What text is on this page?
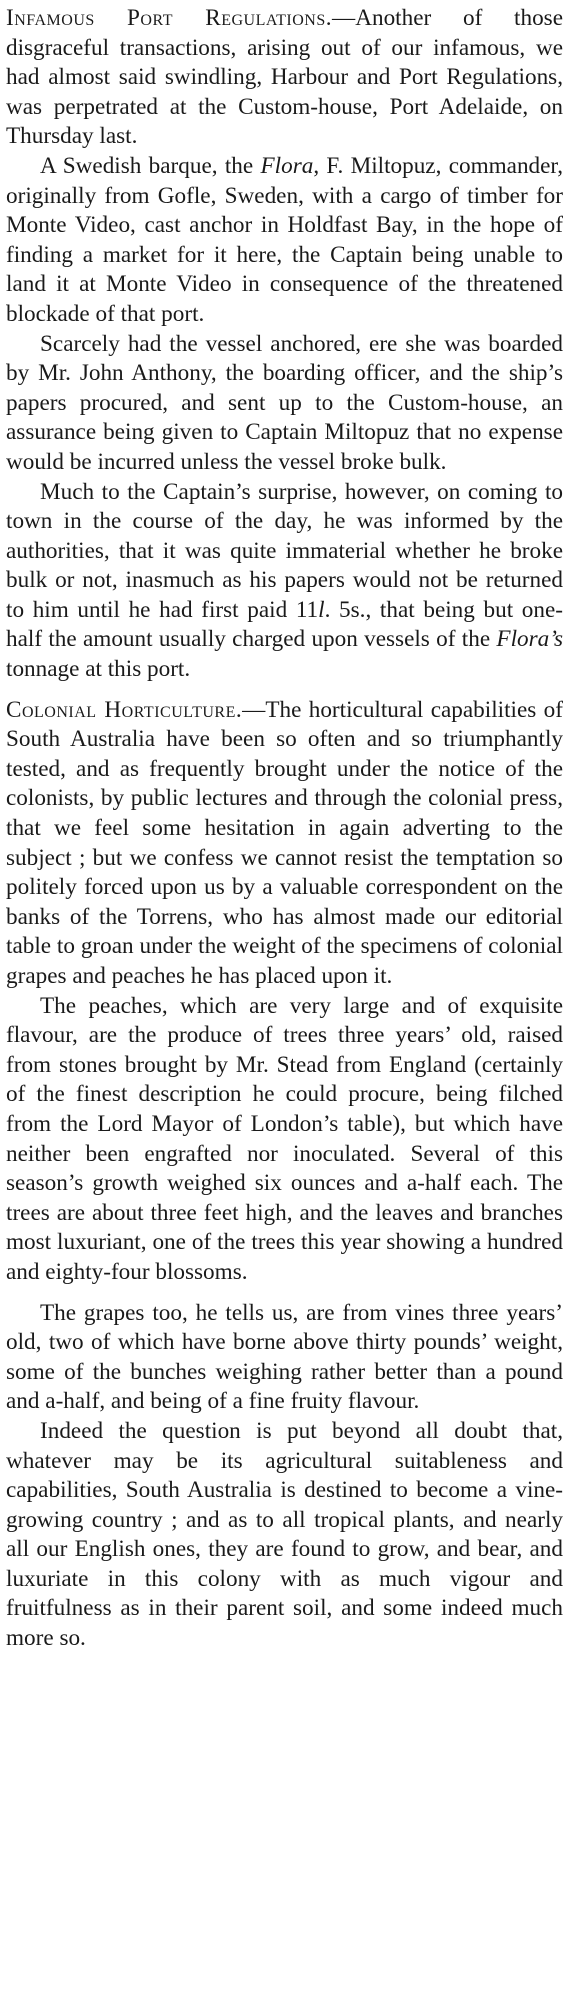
Infamous Port Regulations.—Another of those disgraceful transactions, arising out of our infamous, we had almost said swindling, Harbour and Port Regulations, was perpetrated at the Custom-house, Port Adelaide, on Thursday last.

A Swedish barque, the Flora, F. Miltopuz, commander, originally from Gofle, Sweden, with a cargo of timber for Monte Video, cast anchor in Holdfast Bay, in the hope of finding a market for it here, the Captain being unable to land it at Monte Video in consequence of the threatened blockade of that port.

Scarcely had the vessel anchored, ere she was boarded by Mr. John Anthony, the boarding officer, and the ship’s papers procured, and sent up to the Custom-house, an assurance being given to Captain Miltopuz that no expense would be incurred unless the vessel broke bulk.

Much to the Captain’s surprise, however, on coming to town in the course of the day, he was informed by the authorities, that it was quite immaterial whether he broke bulk or not, inasmuch as his papers would not be returned to him until he had first paid 11l. 5s., that being but one-half the amount usually charged upon vessels of the Flora’s tonnage at this port.

Colonial Horticulture.—The horticultural capabilities of South Australia have been so often and so triumphantly tested, and as frequently brought under the notice of the colonists, by public lectures and through the colonial press, that we feel some hesitation in again adverting to the subject ; but we confess we cannot resist the temptation so politely forced upon us by a valuable correspondent on the banks of the Torrens, who has almost made our editorial table to groan under the weight of the specimens of colonial grapes and peaches he has placed upon it.

The peaches, which are very large and of exquisite flavour, are the produce of trees three years’ old, raised from stones brought by Mr. Stead from England (certainly of the finest description he could procure, being filched from the Lord Mayor of London’s table), but which have neither been engrafted nor inoculated. Several of this season’s growth weighed six ounces and a-half each. The trees are about three feet high, and the leaves and branches most luxuriant, one of the trees this year showing a hundred and eighty-four blossoms.

The grapes too, he tells us, are from vines three years’ old, two of which have borne above thirty pounds’ weight, some of the bunches weighing rather better than a pound and a-half, and being of a fine fruity flavour.

Indeed the question is put beyond all doubt that, whatever may be its agricultural suitableness and capabilities, South Australia is destined to become a vine-growing country ; and as to all tropical plants, and nearly all our English ones, they are found to grow, and bear, and luxuriate in this colony with as much vigour and fruitfulness as in their parent soil, and some indeed much more so.
